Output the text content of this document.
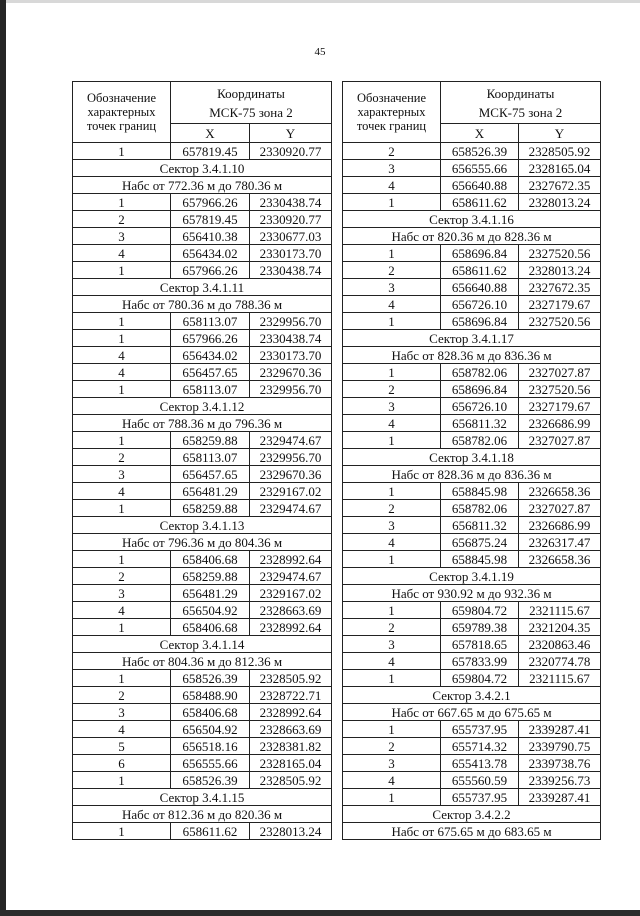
45
Обозначение характерных точек границ	Координаты
МСК-75 зона 2	
	X	Y
1	657819.45	2330920.77
Сектор 3.4.1.10		
Набс от 772.36 м до 780.36 м		
1	657966.26	2330438.74
2	657819.45	2330920.77
3	656410.38	2330677.03
4	656434.02	2330173.70
1	657966.26	2330438.74
Сектор 3.4.1.11		
Набс от 780.36 м до 788.36 м		
1	658113.07	2329956.70
1	657966.26	2330438.74
4	656434.02	2330173.70
4	656457.65	2329670.36
1	658113.07	2329956.70
Сектор 3.4.1.12		
Набс от 788.36 м до 796.36 м		
1	658259.88	2329474.67
2	658113.07	2329956.70
3	656457.65	2329670.36
4	656481.29	2329167.02
1	658259.88	2329474.67
Сектор 3.4.1.13		
Набс от 796.36 м до 804.36 м		
1	658406.68	2328992.64
2	658259.88	2329474.67
3	656481.29	2329167.02
4	656504.92	2328663.69
1	658406.68	2328992.64
Сектор 3.4.1.14		
Набс от 804.36 м до 812.36 м		
1	658526.39	2328505.92
2	658488.90	2328722.71
3	658406.68	2328992.64
4	656504.92	2328663.69
5	656518.16	2328381.82
6	656555.66	2328165.04
1	658526.39	2328505.92
Сектор 3.4.1.15		
Набс от 812.36 м до 820.36 м		
1	658611.62	2328013.24
Обозначение характерных точек границ	Координаты
МСК-75 зона 2	
	X	Y
2	658526.39	2328505.92
3	656555.66	2328165.04
4	656640.88	2327672.35
1	658611.62	2328013.24
Сектор 3.4.1.16		
Набс от 820.36 м до 828.36 м		
1	658696.84	2327520.56
2	658611.62	2328013.24
3	656640.88	2327672.35
4	656726.10	2327179.67
1	658696.84	2327520.56
Сектор 3.4.1.17		
Набс от 828.36 м до 836.36 м		
1	658782.06	2327027.87
2	658696.84	2327520.56
3	656726.10	2327179.67
4	656811.32	2326686.99
1	658782.06	2327027.87
Сектор 3.4.1.18		
Набс от 828.36 м до 836.36 м		
1	658845.98	2326658.36
2	658782.06	2327027.87
3	656811.32	2326686.99
4	656875.24	2326317.47
1	658845.98	2326658.36
Сектор 3.4.1.19		
Набс от 930.92 м до 932.36 м		
1	659804.72	2321115.67
2	659789.38	2321204.35
3	657818.65	2320863.46
4	657833.99	2320774.78
1	659804.72	2321115.67
Сектор 3.4.2.1		
Набс от 667.65 м до 675.65 м		
1	655737.95	2339287.41
2	655714.32	2339790.75
3	655413.78	2339738.76
4	655560.59	2339256.73
1	655737.95	2339287.41
Сектор 3.4.2.2		
Набс от 675.65 м до 683.65 м		
